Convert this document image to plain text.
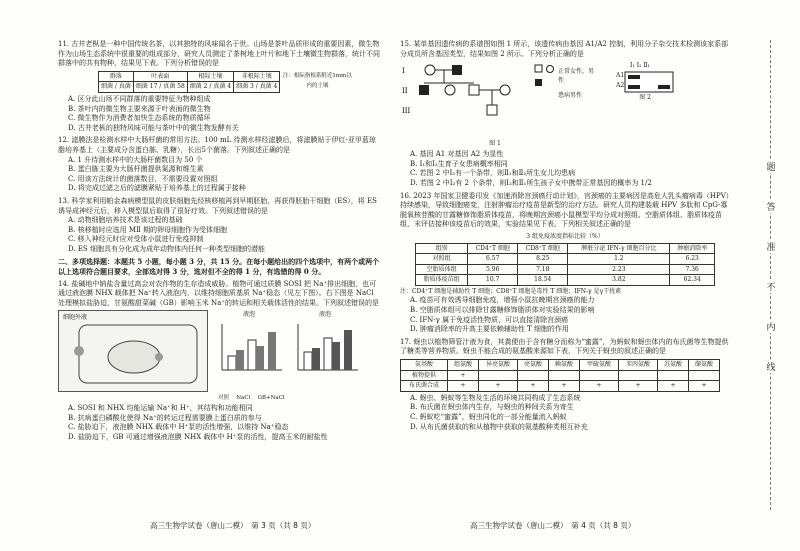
11. 古井老枞是一种中国传统名茶，以其独特的风味闻名于世。山场是茶叶品质形成的重要因素，微生物作为山场生态系统中很重要的组成部分，研究人员测定了茶树地上叶片和地下土壤微生物群落，统计不同群落中的共有物种，结果见下表。下列分析错误的是

群落	叶表面	根际土壤	非根际土壤	注：根际指根系附近1mm以内的土壤
细菌 / 真菌	细菌 17 / 真菌 58	细菌 2 / 真菌 4	细菌 3 / 真菌 4	

A. 区分此山场不同群落的重要特征为物种组成

B. 茶叶内的微生物主要来源于叶表面的微生物

C. 微生物作为消费者加快生态系统的物质循环

D. 古井老枞的独特风味可能与茶叶中的微生物发酵有关

12. 滤膜法是检测水样中大肠杆菌的常用方法。100 mL 待测水样经滤膜后，将滤膜贴于伊红-亚甲蓝琼脂培养基上（主要成分含蛋白胨、乳糖），长出5个菌落。下列叙述正确的是

A. 1 升待测水样中的大肠杆菌数目为 50 个

B. 蛋白胨主要为大肠杆菌提供氮源和维生素

C. 用该方法统计的菌落数目，不需要设置对照组

D. 将完成过滤之后的滤膜紧贴于培养基上的过程属于接种

13. 科学家利用帕金森病模型鼠的皮肤细胞先经核移植再到早期胚胎，再获得胚胎干细胞（ES），将 ES 诱导成神经元后，移入模型鼠后取得了很好疗效。下列叙述错误的是

A. 动物细胞培养技术是该过程的基础

B. 核移植时应选用 MⅡ 期的卵母细胞作为受体细胞

C. 移入神经元时应对受体小鼠进行免疫抑制

D. ES 细胞具有分化成为成年动物体内任何一种类型细胞的潜能

二、多项选择题：本题共 5 小题，每小题 3 分，共 15 分。在每小题给出的四个选项中，有两个或两个以上选项符合题目要求，全部选对得 3 分，选对但不全的得 1 分，有选错的得 0 分。

14. 盐碱地中钠盐含量过高会对农作物的生存造成威胁。植物可通过质膜 SOSI 把 Na⁺排出细胞，也可通过液泡膜 NHX 载体把 Na⁺转入液泡内，以维持细胞质基质 Na⁺稳态（见左下图）。右下图是 NaCl 处理模拟盐胁迫，甘氨酸甜菜碱（GB）影响玉米 Na⁺的转运和相关载体活性的结果。下列叙述错误的是

细胞外液	液泡	液泡
对照　 NaCl　 GB+NaCl

A. SOSI 和 NHX 均能运输 Na⁺和 H⁺，其结构和功能相同

B. 抗病蛋白磷酸化使得 Na⁺的转运过程需要膜上蛋白质的参与

C. 盐胁迫下，液泡膜 NHX 载体中 H⁺泵的活性增强，以维持 Na⁺稳态

D. 盐胁迫下，GB 可通过增强液泡膜 NHX 载体中 H⁺泵的活性，提高玉米的耐盐性

高三生物学试卷（唐山二模）　第 3 页（共 8 页）

15. 某单基因遗传病的系谱图如图 1 所示，该遗传病由基因 A1/A2 控制，利用分子杂交技术检测该家系部分成员所含基因类型，结果如图 2 所示。下列分析正确的是

I
II
III
正常女性、男性
患病男性
图 1
Ⅰ₁ Ⅰ₂ Ⅱ₁
A1
A2
图 2

A. 基因 A1 对基因 A2 为显性

B. Ⅰ₁和Ⅰ₂生育子女患病概率相同

C. 若图 2 中Ⅰ₂有一个条带，则Ⅱ₁和Ⅱ₂所生女儿均患病

D. 若图 2 中Ⅰ₂有 2 个条带，则Ⅰ₂和Ⅱ₁所生孩子女中携带正常基因的概率为 1/2

16. 2023 年国家卫健委印发《加速消除宫颈癌行动计划》，宫颈癌的主要病因是高危人乳头瘤病毒（HPV）持续感染，导致细胞癌变，注射肿瘤治疗疫苗是新型的治疗方法。研究人员构建装载 HPV 多肽和 CpG-寡脱氧核苷酸的甘露糖修饰脂质体疫苗，将晚期宫颈癌小鼠模型平均分成对照组、空脂质体组、脂质体疫苗组，末评估接种该疫苗后的效果，实验结果见下表。下列相关叙述正确的是

3 组免疫浓度指标比较（%）
组别	CD4⁺T 细胞	CD8⁺T 细胞	脾脏分泌 IFN-γ 细胞百分比	肿瘤消除率
对照组	6.57	8.25	1.2	6.23
空脂质体组	5.96	7.18	2.23	7.36
脂质体疫苗组	10.7	18.54	3.82	62.34

注：CD4⁺T 细胞是辅助性 T 细胞；CD8⁺T 细胞是毒性 T 细胞；IFN-γ 是γ干扰素

A. 疫苗可有效诱导细胞免疫，增强小鼠抗晚期宫颈癌的能力

B. 空脂质体组可以排除甘露糖修饰脂质体对实验结果的影响

C. IFN-γ 属于免疫活性物质，可以直接清除宫颈癌

D. 肿瘤消除率的升高主要依赖辅助性 T 细胞的作用

17. 蚜虫以植物筛管汁液为食，其粪便由于含有糖分而称为“蜜露”，为蚂蚁和蚜虫体内的布氏菌等生物提供了糖类等营养物质。蚜虫不能合成的氨基酸来源如下表，下列关于蚜虫的叙述正确的是

氨基酸	组氨酸	异亮氨酸	亮氨酸	赖氨酸	甲硫氨酸	苯丙氨酸	苏氨酸	缬氨酸
植物提供	+							
布氏菌合成	+	+	+	+	+	+	+	+

A. 蚜虫、蚂蚁等生物及生活的环境共同构成了生态系统

B. 布氏菌在蚜虫体内生存，与蚜虫的种间关系为寄生

C. 蚂蚁吃“蜜露”，蚜虫同化的一部分能量流入蚂蚁

D. 从布氏菌获取的和从植物中获取的氨基酸种类相互补充

高三生物学试卷（唐山二模）　第 4 页（共 8 页）
题
答
准
不
内
线
